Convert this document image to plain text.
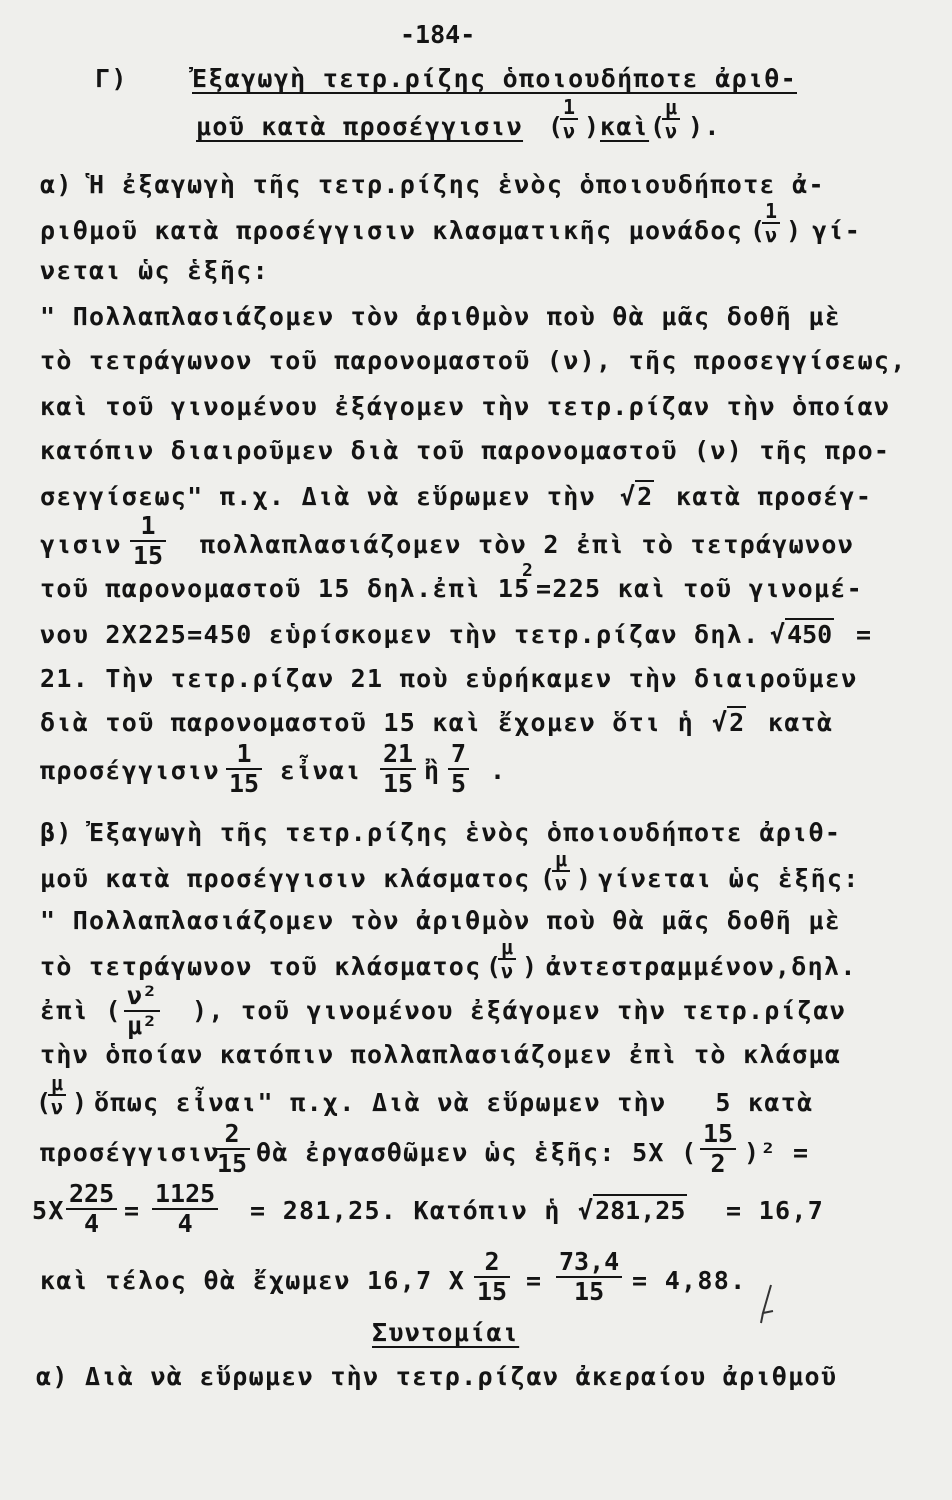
-184-
Γ)	Ἐξαγωγὴ τετρ.ρίζης ὁποιουδήποτε ἀριθ-
μοῦ κατὰ προσέγγισιν (
$\frac{1}{\nu}$ ) καὶ (
$\frac{\mu}{\nu}$ ).
α) Ἡ ἐξαγωγὴ τῆς τετρ.ρίζης ἑνὸς ὁποιουδήποτε ἀ-
ριθμοῦ κατὰ προσέγγισιν κλασματικῆς μονάδος (
$\frac{1}{\nu}$ ) γί-
νεται ὡς ἑξῆς:
" Πολλαπλασιάζομεν τὸν ἀριθμὸν ποὺ θὰ μᾶς δοθῆ μὲ
τὸ τετράγωνον τοῦ παρονομαστοῦ (ν), τῆς προσεγγίσεως,
καὶ τοῦ γινομένου ἐξάγομεν τὴν τετρ.ρίζαν τὴν ὁποίαν
κατόπιν διαιροῦμεν διὰ τοῦ παρονομαστοῦ (ν) τῆς προ-
σεγγίσεως" π.χ. Διὰ νὰ εὕρωμεν τὴν √2 κατὰ προσέγ-
γισιν $\frac{1}{15}$ πολλαπλασιάζομεν τὸν 2 ἐπὶ τὸ τετράγωνον
τοῦ παρονομαστοῦ 15 δηλ.ἐπὶ 15
2
=225 καὶ τοῦ γινομέ-
νου 2Χ225=450 εὑρίσκομεν τὴν τετρ.ρίζαν δηλ. √450 =
21. Τὴν τετρ.ρίζαν 21 ποὺ εὑρήκαμεν τὴν διαιροῦμεν
διὰ τοῦ παρονομαστοῦ 15 καὶ ἔχομεν ὅτι ἡ √2 κατὰ
προσέγγισιν $\frac{1}{15}$ εἶναι $\frac{21}{15}$ ἢ $\frac{7}{5}$ .
β) Ἐξαγωγὴ τῆς τετρ.ρίζης ἑνὸς ὁποιουδήποτε ἀριθ-
μοῦ κατὰ προσέγγισιν κλάσματος (
$\frac{\mu}{\nu}$ ) γίνεται ὡς ἑξῆς:
" Πολλαπλασιάζομεν τὸν ἀριθμὸν ποὺ θὰ μᾶς δοθῆ μὲ
τὸ τετράγωνον τοῦ κλάσματος (
$\frac{\mu}{\nu}$ ) ἀντεστραμμένον,δηλ.
ἐπὶ ( $\frac{\text{ν²}}{\text{μ²}}$ ), τοῦ γινομένου ἐξάγομεν τὴν τετρ.ρίζαν
τὴν ὁποίαν κατόπιν πολλαπλασιάζομεν ἐπὶ τὸ κλάσμα
(
$\frac{\mu}{\nu}$ ) ὅπως εἶναι" π.χ. Διὰ νὰ εὕρωμεν τὴν   5 κατὰ
προσέγγισιν
$\frac{2}{15}$ θὰ ἐργασθῶμεν ὡς ἑξῆς: 5Χ ( $\frac{15}{2} )^2$ =
$5X \frac{225}{4} = \frac{1125}{4} = 281,25$. Κατόπιν ἡ √281,25 = 16,7
καὶ τέλος θὰ ἔχωμεν 16,7 Χ $\frac{2}{15} = \frac{73,4}{15} = 4,88$.
Συντομίαι
α) Διὰ νὰ εὕρωμεν τὴν τετρ.ρίζαν ἀκεραίου ἀριθμοῦ
